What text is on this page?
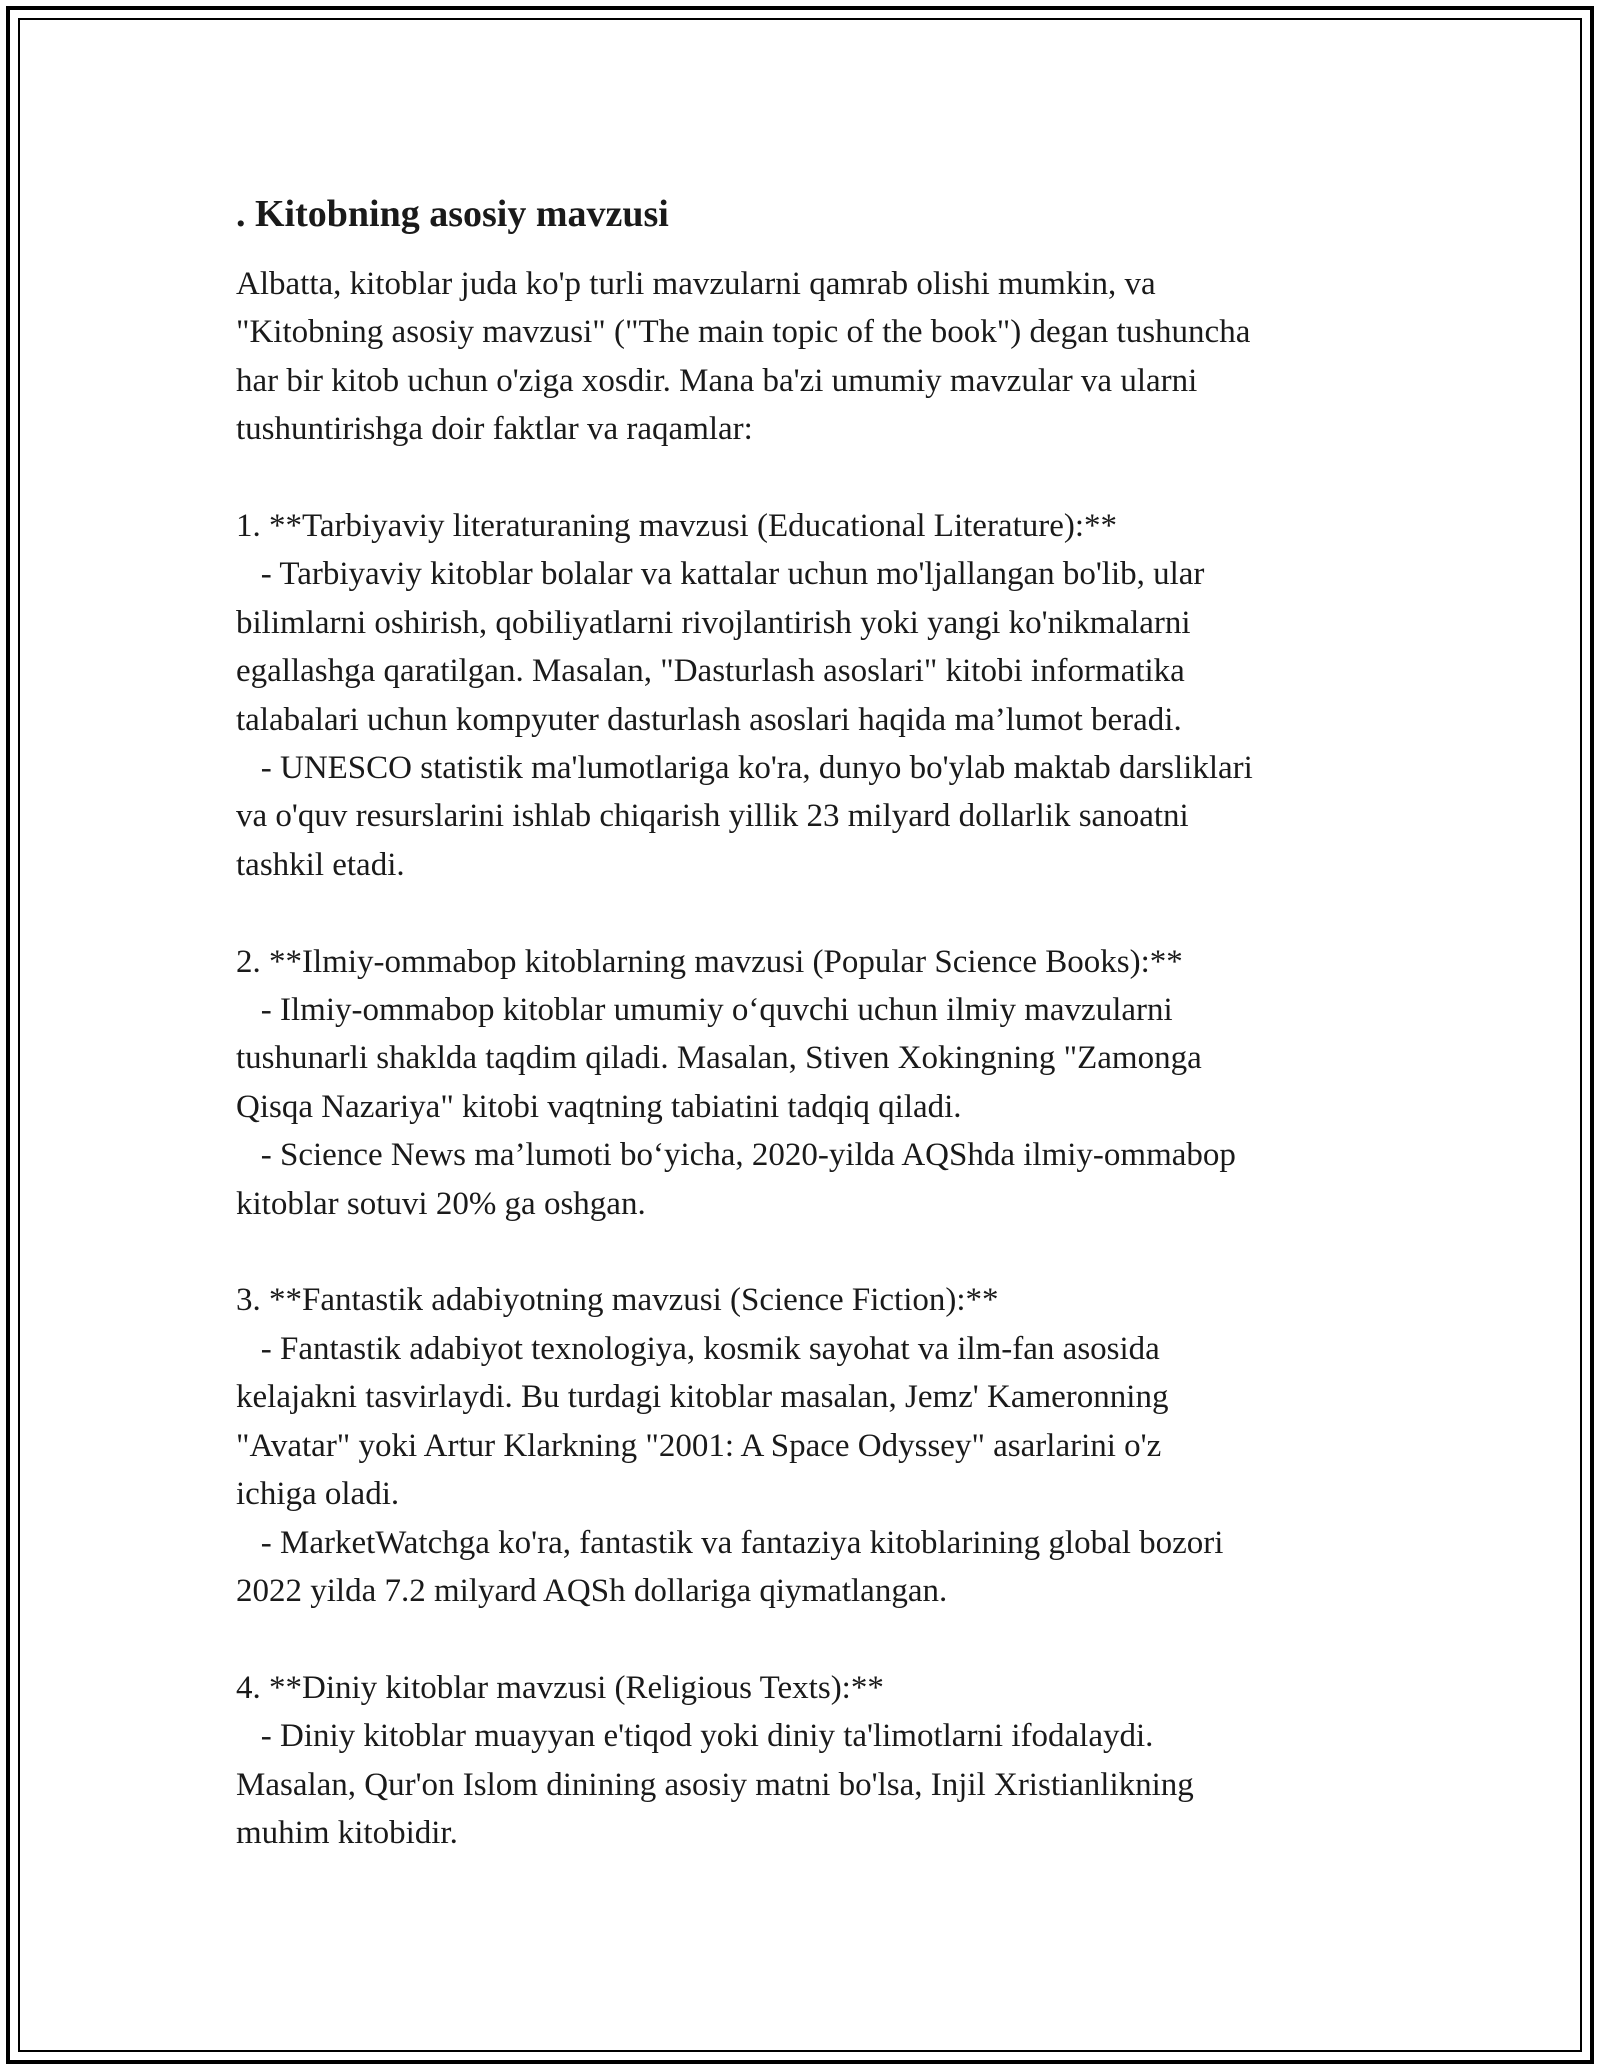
. Kitobning asosiy mavzusi
Albatta, kitoblar juda ko'p turli mavzularni qamrab olishi mumkin, va
"Kitobning asosiy mavzusi" ("The main topic of the book") degan tushuncha
har bir kitob uchun o'ziga xosdir. Mana ba'zi umumiy mavzular va ularni
tushuntirishga doir faktlar va raqamlar:
1. **Tarbiyaviy literaturaning mavzusi (Educational Literature):**
- Tarbiyaviy kitoblar bolalar va kattalar uchun mo'ljallangan bo'lib, ular
bilimlarni oshirish, qobiliyatlarni rivojlantirish yoki yangi ko'nikmalarni
egallashga qaratilgan. Masalan, "Dasturlash asoslari" kitobi informatika
talabalari uchun kompyuter dasturlash asoslari haqida ma’lumot beradi.
- UNESCO statistik ma'lumotlariga ko'ra, dunyo bo'ylab maktab darsliklari
va o'quv resurslarini ishlab chiqarish yillik 23 milyard dollarlik sanoatni
tashkil etadi.
2. **Ilmiy-ommabop kitoblarning mavzusi (Popular Science Books):**
- Ilmiy-ommabop kitoblar umumiy o‘quvchi uchun ilmiy mavzularni
tushunarli shaklda taqdim qiladi. Masalan, Stiven Xokingning "Zamonga
Qisqa Nazariya" kitobi vaqtning tabiatini tadqiq qiladi.
- Science News ma’lumoti bo‘yicha, 2020-yilda AQShda ilmiy-ommabop
kitoblar sotuvi 20% ga oshgan.
3. **Fantastik adabiyotning mavzusi (Science Fiction):**
- Fantastik adabiyot texnologiya, kosmik sayohat va ilm-fan asosida
kelajakni tasvirlaydi. Bu turdagi kitoblar masalan, Jemz' Kameronning
"Avatar" yoki Artur Klarkning "2001: A Space Odyssey" asarlarini o'z
ichiga oladi.
- MarketWatchga ko'ra, fantastik va fantaziya kitoblarining global bozori
2022 yilda 7.2 milyard AQSh dollariga qiymatlangan.
4. **Diniy kitoblar mavzusi (Religious Texts):**
- Diniy kitoblar muayyan e'tiqod yoki diniy ta'limotlarni ifodalaydi.
Masalan, Qur'on Islom dinining asosiy matni bo'lsa, Injil Xristianlikning
muhim kitobidir.
